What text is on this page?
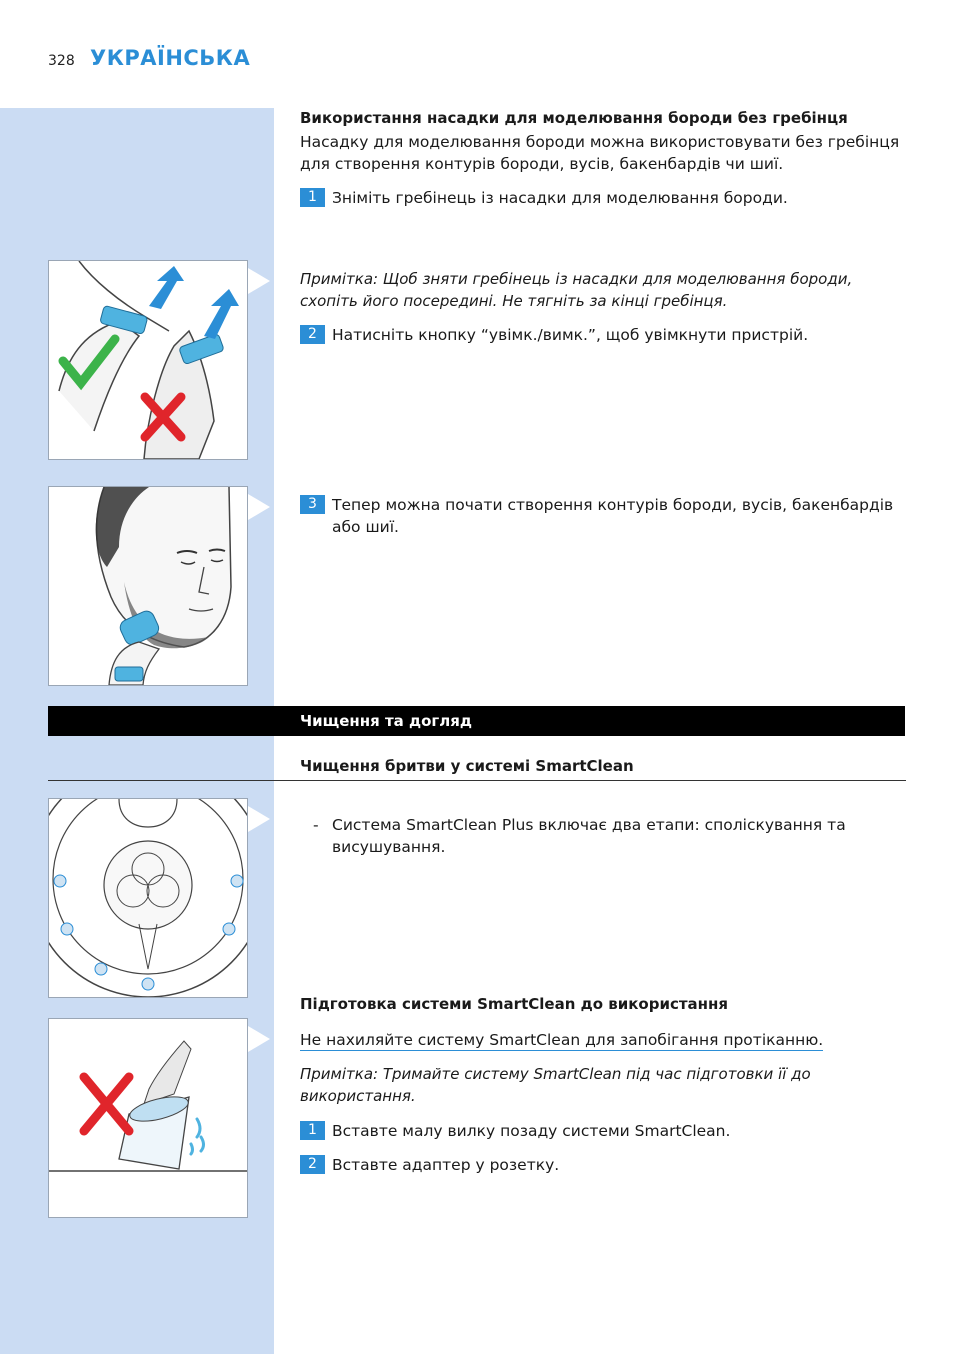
328 УКРАЇНСЬКА
Використання насадки для моделювання бороди без гребінця
Насадку для моделювання бороди можна використовувати без гребінця для створення контурів бороди, вусів, бакенбардів чи шиї.
1 Зніміть гребінець із насадки для моделювання бороди.
Примітка: Щоб зняти гребінець із насадки для моделювання бороди, схопіть його посередині. Не тягніть за кінці гребінця.
2 Натисніть кнопку “увімк./вимк.”, щоб увімкнути пристрій.
3 Тепер можна почати створення контурів бороди, вусів, бакенбардів або шиї.
Чищення та догляд
Чищення бритви у системі SmartClean
- Система SmartClean Plus включає два етапи: споліскування та висушування.
Підготовка системи SmartClean до використання
Не нахиляйте систему SmartClean для запобігання протіканню.
Примітка: Тримайте систему SmartClean під час підготовки її до використання.
1 Вставте малу вилку позаду системи SmartClean.
2 Вставте адаптер у розетку.
